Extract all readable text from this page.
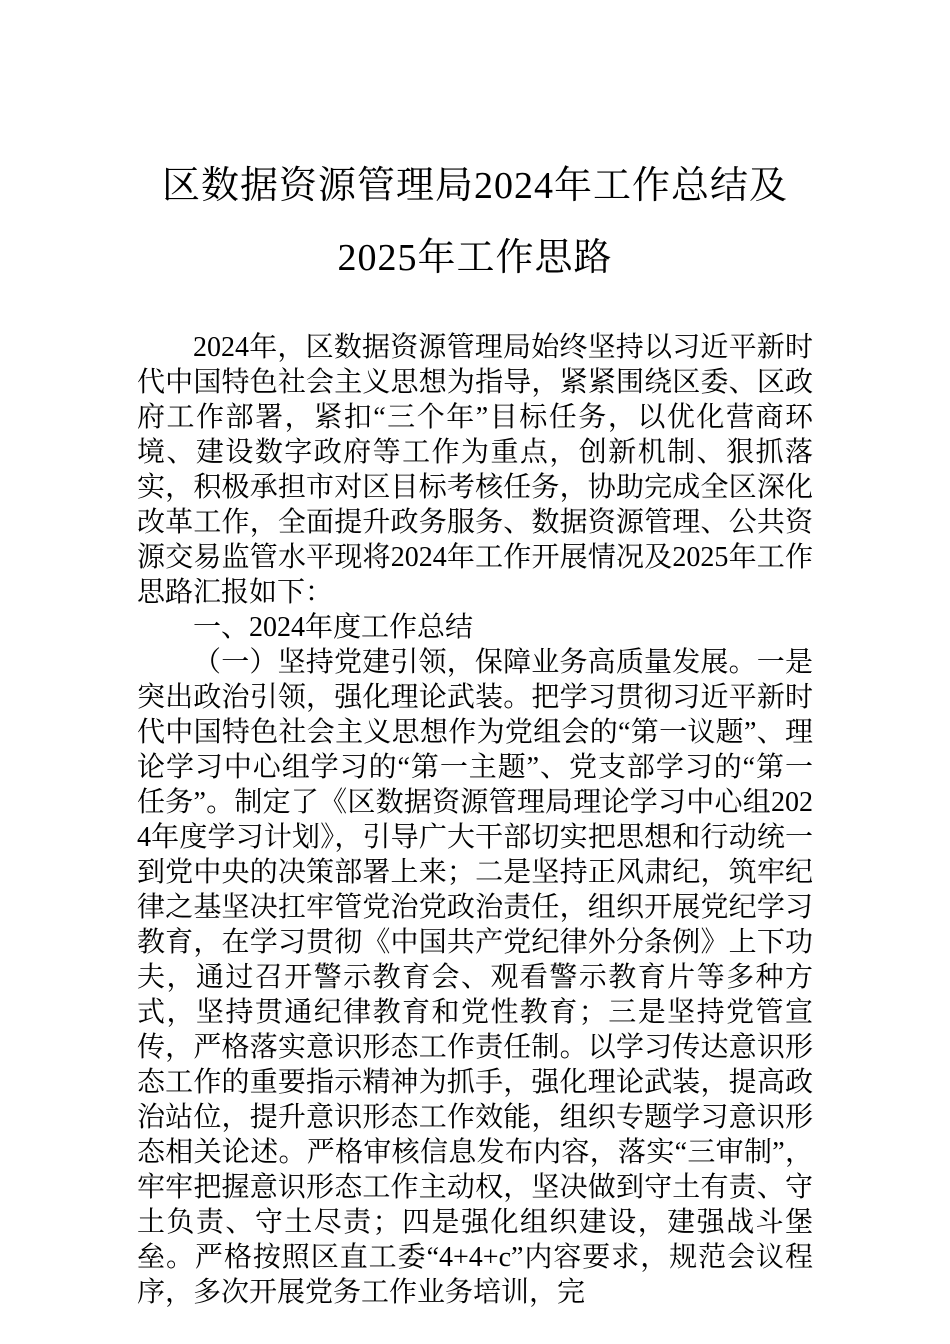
区数据资源管理局2024年工作总结及2025年工作思路

2024年，区数据资源管理局始终坚持以习近平新时代中国特色社会主义思想为指导，紧紧围绕区委、区政府工作部署，紧扣“三个年”目标任务，以优化营商环境、建设数字政府等工作为重点，创新机制、狠抓落实，积极承担市对区目标考核任务，协助完成全区深化改革工作，全面提升政务服务、数据资源管理、公共资源交易监管水平现将2024年工作开展情况及2025年工作思路汇报如下：

一、2024年度工作总结

（一）坚持党建引领，保障业务高质量发展。一是突出政治引领，强化理论武装。把学习贯彻习近平新时代中国特色社会主义思想作为党组会的“第一议题”、理论学习中心组学习的“第一主题”、党支部学习的“第一任务”。制定了《区数据资源管理局理论学习中心组2024年度学习计划》，引导广大干部切实把思想和行动统一到党中央的决策部署上来；二是坚持正风肃纪，筑牢纪律之基坚决扛牢管党治党政治责任，组织开展党纪学习教育，在学习贯彻《中国共产党纪律外分条例》上下功夫，通过召开警示教育会、观看警示教育片等多种方式，坚持贯通纪律教育和党性教育；三是坚持党管宣传，严格落实意识形态工作责任制。以学习传达意识形态工作的重要指示精神为抓手，强化理论武装，提高政治站位，提升意识形态工作效能，组织专题学习意识形态相关论述。严格审核信息发布内容，落实“三审制”，牢牢把握意识形态工作主动权，坚决做到守土有责、守土负责、守土尽责；四是强化组织建设，建强战斗堡垒。严格按照区直工委“4+4+c”内容要求，规范会议程序，多次开展党务工作业务培训，完
